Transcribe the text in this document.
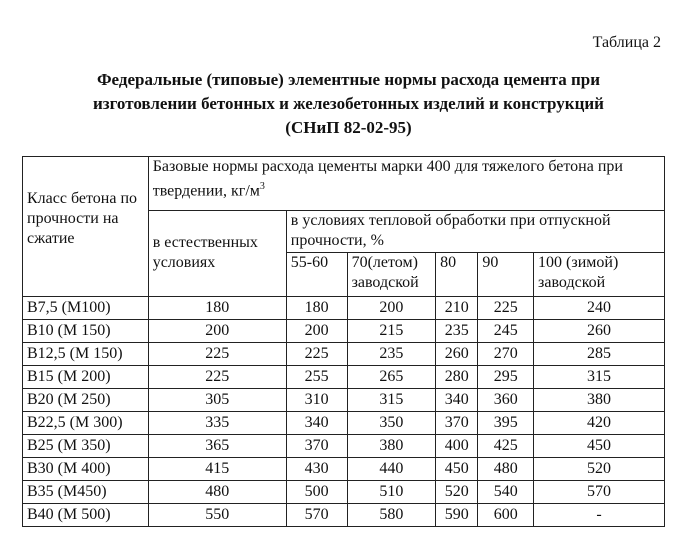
Таблица 2
Федеральные (типовые) элементные нормы расхода цемента при
изготовлении бетонных и железобетонных изделий и конструкций
(СНиП 82-02-95)
Класс бетона по прочности на сжатие	Базовые нормы расхода цементы марки 400 для тяжелого бетона при твердении, $кг/м^3$
	в естественных условиях	в условиях тепловой обработки при отпускной прочности, %				
		55-60	70(летом) заводской	80	90	100 (зимой) заводской
В7,5 (М100)	180	180	200	210	225	240
В10 (М 150)	200	200	215	235	245	260
В12,5 (М 150)	225	225	235	260	270	285
В15 (М 200)	225	255	265	280	295	315
В20 (М 250)	305	310	315	340	360	380
В22,5 (М 300)	335	340	350	370	395	420
В25 (М 350)	365	370	380	400	425	450
В30 (М 400)	415	430	440	450	480	520
В35 (М450)	480	500	510	520	540	570
В40 (М 500)	550	570	580	590	600	-
